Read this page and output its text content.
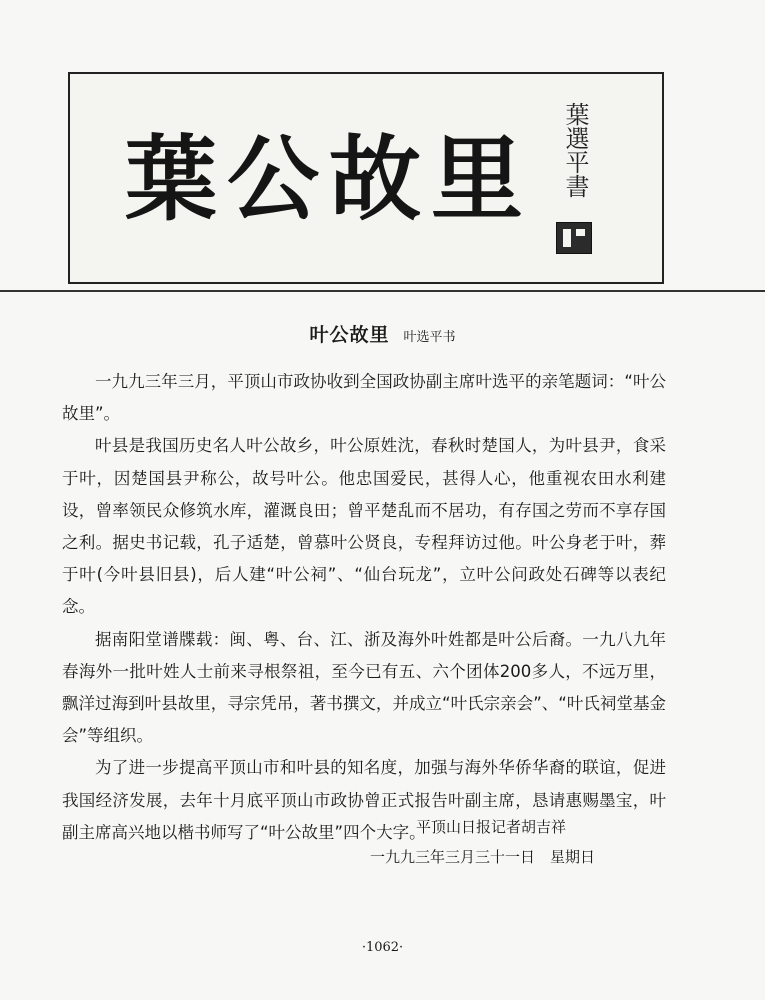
葉公故里 葉選平書
叶公故里 叶选平书

一九九三年三月，平顶山市政协收到全国政协副主席叶选平的亲笔题词：“叶公故里”。

叶县是我国历史名人叶公故乡，叶公原姓沈，春秋时楚国人，为叶县尹，食采于叶，因楚国县尹称公，故号叶公。他忠国爱民，甚得人心，他重视农田水利建设，曾率领民众修筑水库，灌溉良田；曾平楚乱而不居功，有存国之劳而不享存国之利。据史书记载，孔子适楚，曾慕叶公贤良，专程拜访过他。叶公身老于叶，葬于叶(今叶县旧县)，后人建“叶公祠”、“仙台玩龙”，立叶公问政处石碑等以表纪念。

据南阳堂谱牒载：闽、粤、台、江、浙及海外叶姓都是叶公后裔。一九八九年春海外一批叶姓人士前来寻根祭祖，至今已有五、六个团体200多人，不远万里，飘洋过海到叶县故里，寻宗凭吊，著书撰文，并成立“叶氏宗亲会”、“叶氏祠堂基金会”等组织。

为了进一步提高平顶山市和叶县的知名度，加强与海外华侨华裔的联谊，促进我国经济发展，去年十月底平顶山市政协曾正式报告叶副主席，恳请惠赐墨宝，叶副主席高兴地以楷书师写了“叶公故里”四个大字。

平顶山日报记者胡吉祥
一九九三年三月三十一日　星期日
·1062·
